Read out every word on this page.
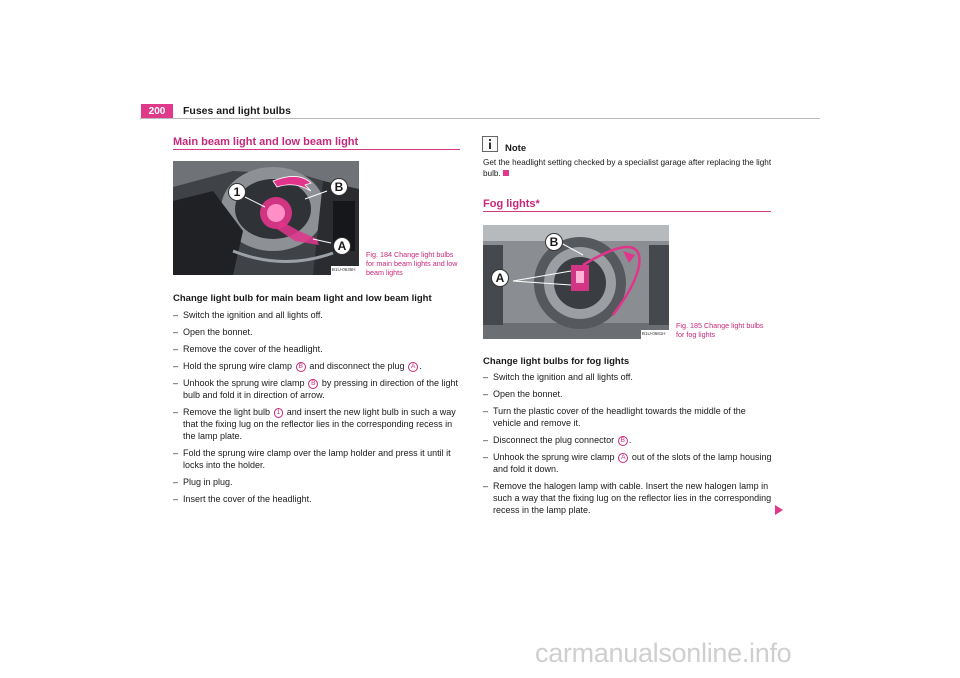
200	Fuses and light bulbs
Main beam light and low beam light
1	B
A
B1U-0635H
Fig. 184 Change light bulbs for main beam lights and low beam lights
Change light bulb for main beam light and low beam light
– Switch the ignition and all lights off.
– Open the bonnet.
– Remove the cover of the headlight.
– Hold the sprung wire clamp B and disconnect the plug A .
– Unhook the sprung wire clamp B by pressing in direction of the light bulb and fold it in direction of arrow.
– Remove the light bulb 1 and insert the new light bulb in such a way that the fixing lug on the reflector lies in the corresponding recess in the lamp plate.
– Fold the sprung wire clamp over the lamp holder and press it until it locks into the holder.
– Plug in plug.
– Insert the cover of the headlight.
Note
Get the headlight setting checked by a specialist garage after replacing the light bulb.
Fog lights*
B
A
B1U-0681H
Fig. 185 Change light bulbs for fog lights
Change light bulbs for fog lights
– Switch the ignition and all lights off.
– Open the bonnet.
– Turn the plastic cover of the headlight towards the middle of the vehicle and remove it.
– Disconnect the plug connector B .
– Unhook the sprung wire clamp A out of the slots of the lamp housing and fold it down.
– Remove the halogen lamp with cable. Insert the new halogen lamp in such a way that the fixing lug on the reflector lies in the corresponding recess in the lamp plate.
carmanualsonline.info
